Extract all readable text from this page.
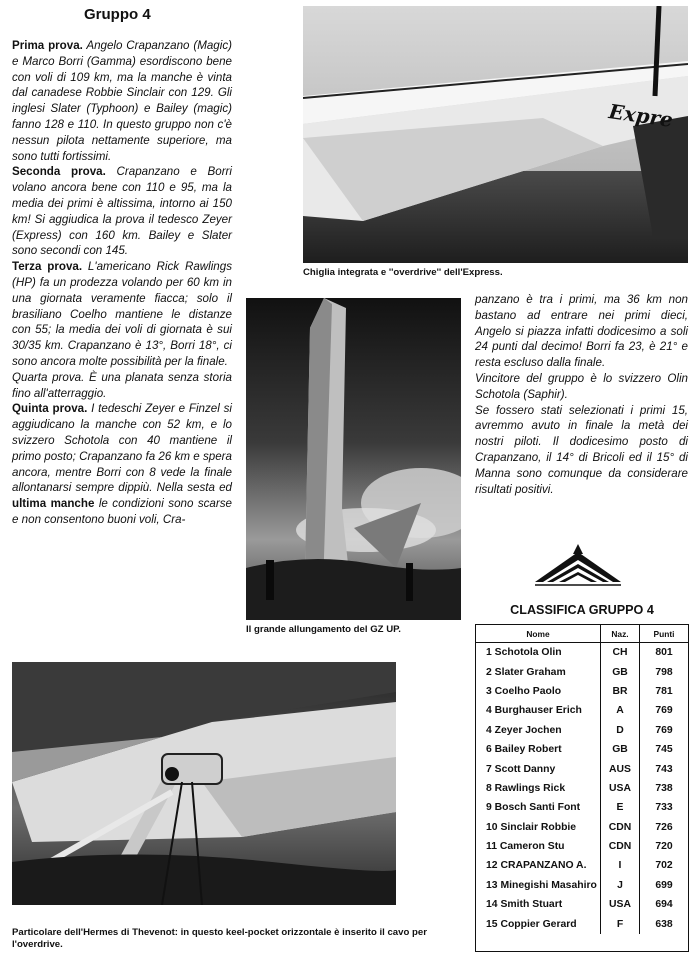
Gruppo 4

Prima prova. Angelo Crapanzano (Magic) e Marco Borri (Gamma) esordiscono bene con voli di 109 km, ma la manche è vinta dal canadese Robbie Sinclair con 129. Gli inglesi Slater (Typhoon) e Bailey (magic) fanno 128 e 110. In questo gruppo non c'è nessun pilota nettamente superiore, ma sono tutti fortissimi.

Seconda prova. Crapanzano e Borri volano ancora bene con 110 e 95, ma la media dei primi è altissima, intorno ai 150 km! Si aggiudica la prova il tedesco Zeyer (Express) con 160 km. Bailey e Slater sono secondi con 145.

Terza prova. L'americano Rick Rawlings (HP) fa un prodezza volando per 60 km in una giornata veramente fiacca; solo il brasiliano Coelho mantiene le distanze con 55; la media dei voli di giornata è sui 30/35 km. Crapanzano è 13°, Borri 18°, ci sono ancora molte possibilità per la finale.

Quarta prova. È una planata senza storia fino all'atterraggio.

Quinta prova. I tedeschi Zeyer e Finzel si aggiudicano la manche con 52 km, e lo svizzero Schotola con 40 mantiene il primo posto; Crapanzano fa 26 km e spera ancora, mentre Borri con 8 vede la finale allontanarsi sempre dippiù. Nella sesta ed ultima manche le condizioni sono scarse e non consentono buoni voli, Cra-

Expre
Chiglia integrata e ''overdrive'' dell'Express.
Il grande allungamento del GZ UP.

panzano è tra i primi, ma 36 km non bastano ad entrare nei primi dieci, Angelo si piazza infatti dodicesimo a soli 24 punti dal decimo! Borri fa 23, è 21° e resta escluso dalla finale.

Vincitore del gruppo è lo svizzero Olin Schotola (Saphir).

Se fossero stati selezionati i primi 15, avremmo avuto in finale la metà dei nostri piloti. Il dodicesimo posto di Crapanzano, il 14° di Bricoli ed il 15° di Manna sono comunque da considerare risultati positivi.

CLASSIFICA GRUPPO 4
Nome	Naz.	Punti
1 Schotola Olin	CH	801
2 Slater Graham	GB	798
3 Coelho Paolo	BR	781
4 Burghauser Erich	A	769
4 Zeyer Jochen	D	769
6 Bailey Robert	GB	745
7 Scott Danny	AUS	743
8 Rawlings Rick	USA	738
9 Bosch Santi Font	E	733
10 Sinclair Robbie	CDN	726
11 Cameron Stu	CDN	720
12 CRAPANZANO A.	I	702
13 Minegishi Masahiro	J	699
14 Smith Stuart	USA	694
15 Coppier Gerard	F	638
Particolare dell'Hermes di Thevenot: in questo keel-pocket orizzontale è inserito il cavo per l'overdrive.
